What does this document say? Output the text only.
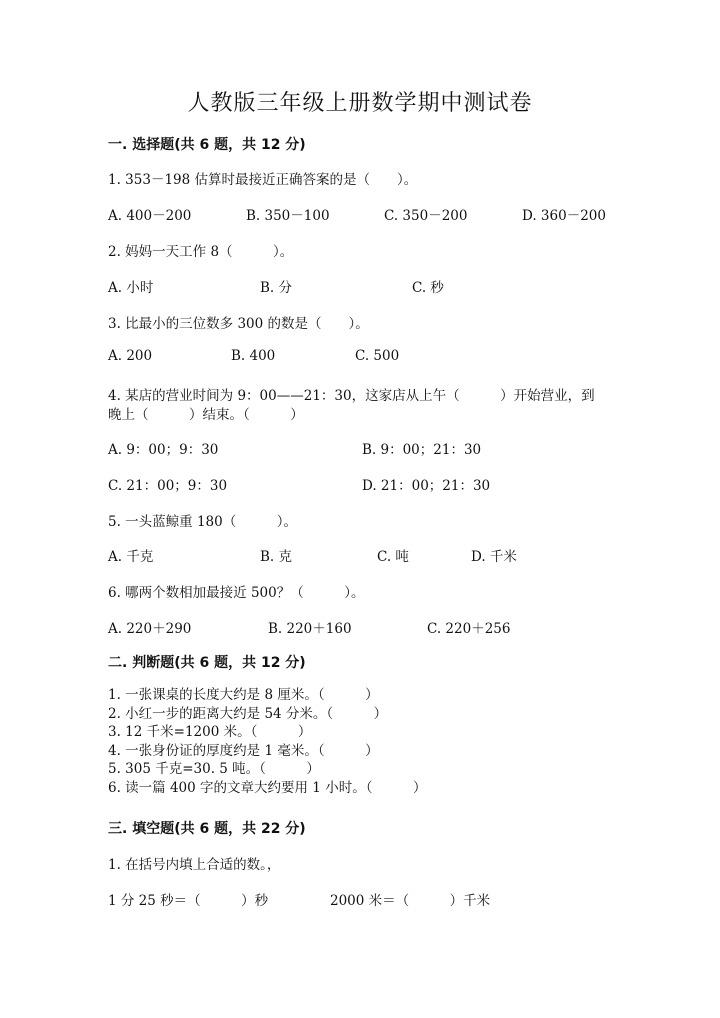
人教版三年级上册数学期中测试卷
一. 选择题(共 6 题，共 12 分)
1. 353－198 估算时最接近正确答案的是（　　）。
A. 400－200	B. 350－100	C. 350－200	D. 360－200
2. 妈妈一天工作 8（　　　）。
A. 小时	B. 分	C. 秒
3. 比最小的三位数多 300 的数是（　　）。
A. 200	B. 400	C. 500
4. 某店的营业时间为 9：00——21：30，这家店从上午（　　　）开始营业，到
晚上（　　　）结束。（　　　）
A. 9：00；9：30	B. 9：00；21：30
C. 21：00；9：30	D. 21：00；21：30
5. 一头蓝鲸重 180（　　　）。
A. 千克	B. 克	C. 吨	D. 千米
6. 哪两个数相加最接近 500？（　　　）。
A. 220＋290	B. 220＋160	C. 220＋256
二. 判断题(共 6 题，共 12 分)
1. 一张课桌的长度大约是 8 厘米。（　　　）
2. 小红一步的距离大约是 54 分米。（　　　）
3. 12 千米=1200 米。（　　　）
4. 一张身份证的厚度约是 1 毫米。（　　　）
5. 305 千克=30. 5 吨。（　　　）
6. 读一篇 400 字的文章大约要用 1 小时。（　　　）
三. 填空题(共 6 题，共 22 分)
1. 在括号内填上合适的数。，
1 分 25 秒＝（　　　）秒	2000 米＝（　　　）千米
